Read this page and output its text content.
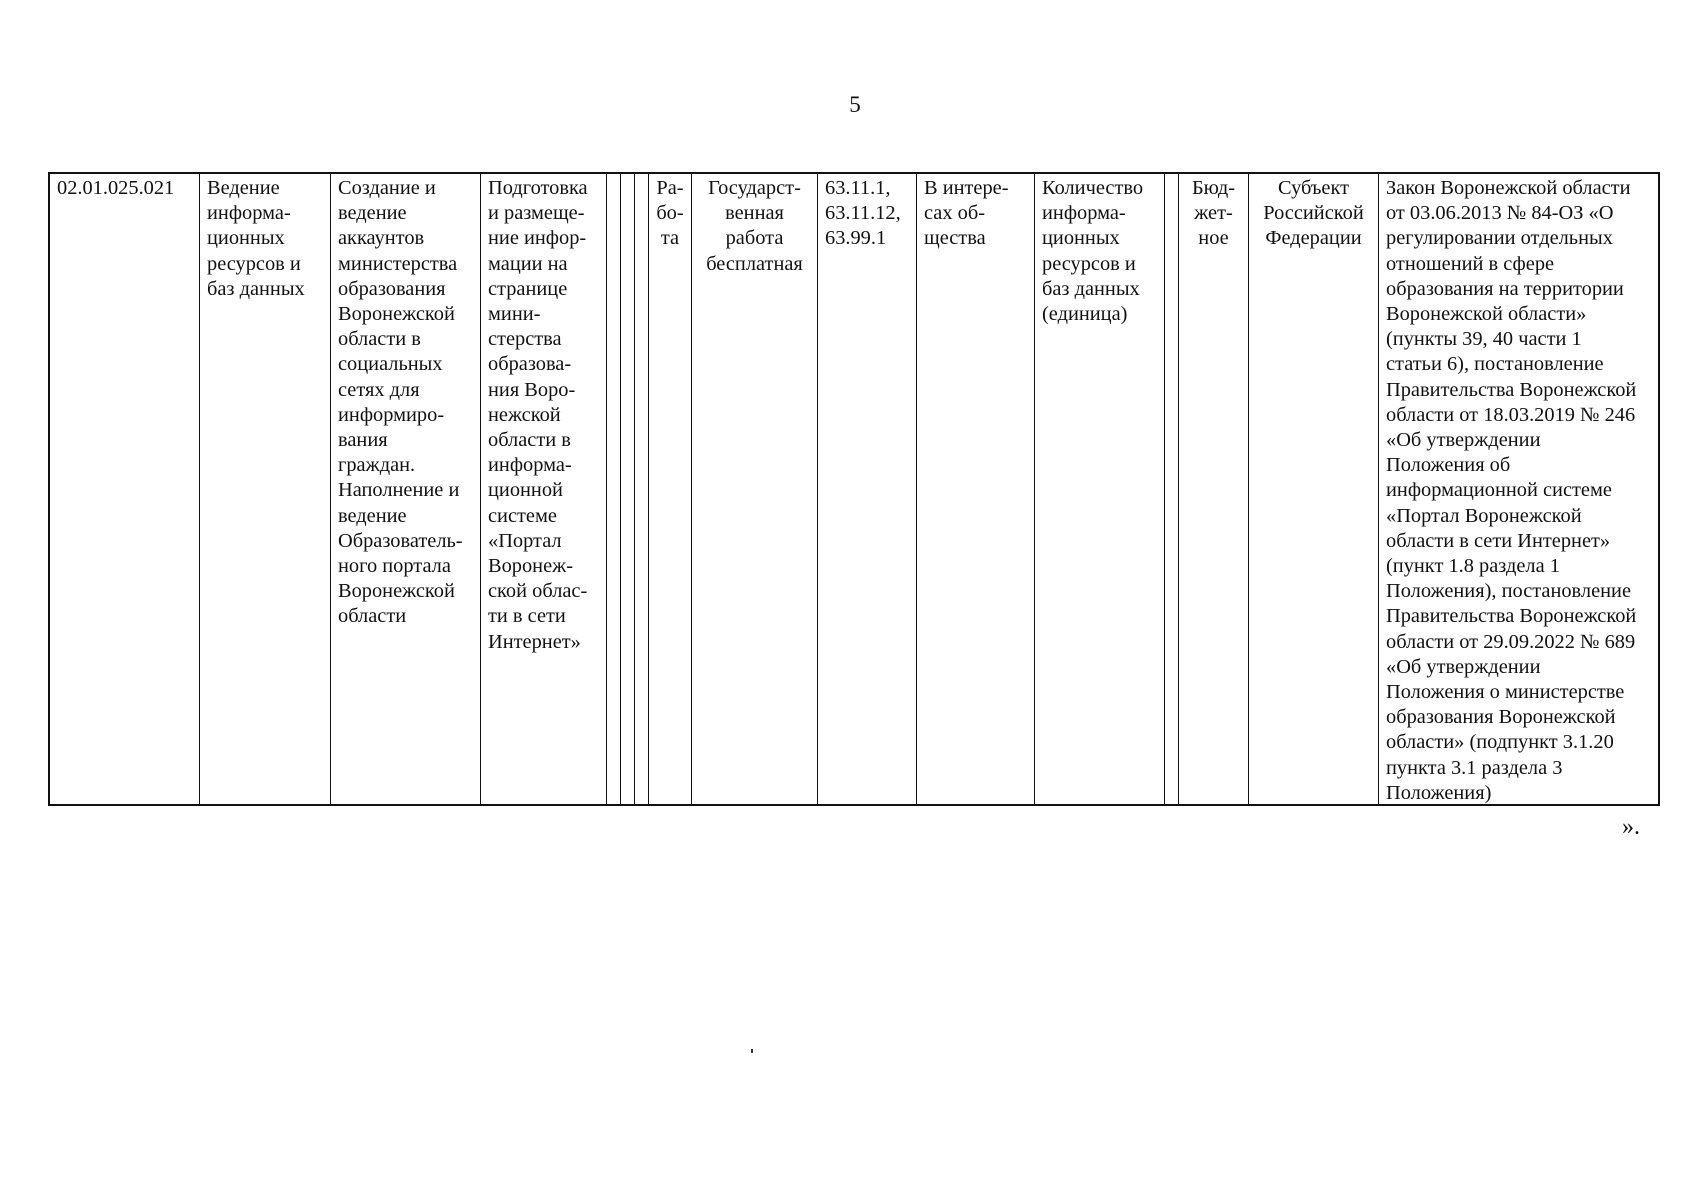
5
02.01.025.021	Ведение
информа-
ционных
ресурсов и
баз данных
Создание и
ведение
аккаунтов
министерства
образования
Воронежской
области в
социальных
сетях для
информиро-
вания
граждан.
Наполнение и
ведение
Образователь-
ного портала
Воронежской
области
Подготовка
и размеще-
ние инфор-
мации на
странице
мини-
стерства
образова-
ния Воро-
нежской
области в
информа-
ционной
системе
«Портал
Воронеж-
ской облас-
ти в сети
Интернет»
Ра-
бо-
та
Государст-
венная
работа
бесплатная
63.11.1,
63.11.12,
63.99.1
В интере-
сах об-
щества
Количество
информа-
ционных
ресурсов и
баз данных
(единица)
Бюд-
жет-
ное
Субъект
Российской
Федерации
Закон Воронежской области
от 03.06.2013 № 84-ОЗ «О
регулировании отдельных
отношений в сфере
образования на территории
Воронежской области»
(пункты 39, 40 части 1
статьи 6), постановление
Правительства Воронежской
области от 18.03.2019 № 246
«Об утверждении
Положения об
информационной системе
«Портал Воронежской
области в сети Интернет»
(пункт 1.8 раздела 1
Положения), постановление
Правительства Воронежской
области от 29.09.2022 № 689
«Об утверждении
Положения о министерстве
образования Воронежской
области» (подпункт 3.1.20
пункта 3.1 раздела 3
Положения)
».
